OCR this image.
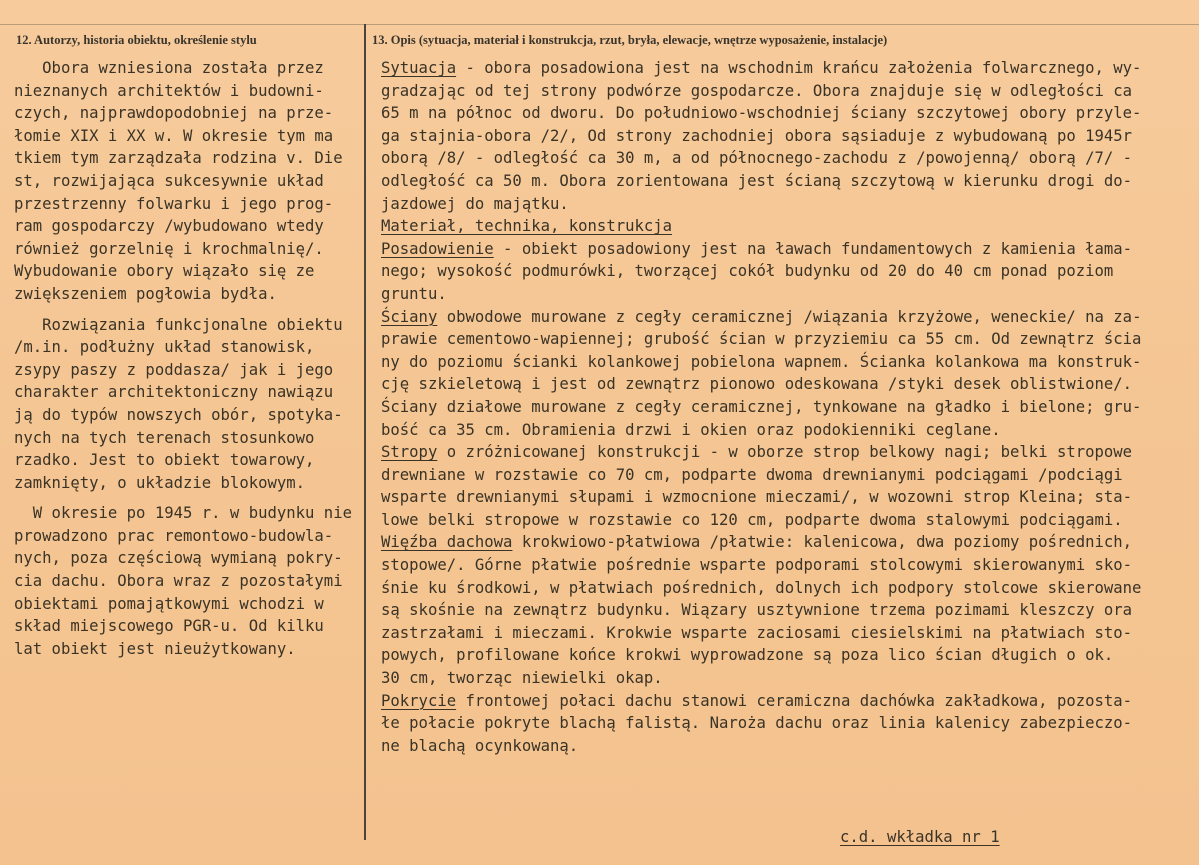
12. Autorzy, historia obiektu, określenie stylu	13. Opis (sytuacja, materiał i konstrukcja, rzut, bryła, elewacje, wnętrze wyposażenie, instalacje)
Obora wzniesiona została przez
nieznanych architektów i budowni-
czych, najprawdopodobniej na prze-
łomie XIX i XX w. W okresie tym ma
tkiem tym zarządzała rodzina v. Die
st, rozwijająca sukcesywnie układ
przestrzenny folwarku i jego prog-
ram gospodarczy /wybudowano wtedy
również gorzelnię i krochmalnię/.
Wybudowanie obory wiązało się ze
zwiększeniem pogłowia bydła.
Rozwiązania funkcjonalne obiektu
/m.in. podłużny układ stanowisk,
zsypy paszy z poddasza/ jak i jego
charakter architektoniczny nawiązu
ją do typów nowszych obór, spotyka-
nych na tych terenach stosunkowo
rzadko. Jest to obiekt towarowy,
zamknięty, o układzie blokowym.
W okresie po 1945 r. w budynku nie
prowadzono prac remontowo-budowla-
nych, poza częściową wymianą pokry-
cia dachu. Obora wraz z pozostałymi
obiektami pomajątkowymi wchodzi w
skład miejscowego PGR-u. Od kilku
lat obiekt jest nieużytkowany.
Sytuacja - obora posadowiona jest na wschodnim krańcu założenia folwarcznego, wy-
gradzając od tej strony podwórze gospodarcze. Obora znajduje się w odległości ca
65 m na północ od dworu. Do południowo-wschodniej ściany szczytowej obory przyle-
ga stajnia-obora /2/, Od strony zachodniej obora sąsiaduje z wybudowaną po 1945r
oborą /8/ - odległość ca 30 m, a od północnego-zachodu z /powojenną/ oborą /7/ -
odległość ca 50 m. Obora zorientowana jest ścianą szczytową w kierunku drogi do-
jazdowej do majątku.
Materiał, technika, konstrukcja
Posadowienie - obiekt posadowiony jest na ławach fundamentowych z kamienia łama-
nego; wysokość podmurówki, tworzącej cokół budynku od 20 do 40 cm ponad poziom
gruntu.
Ściany obwodowe murowane z cegły ceramicznej /wiązania krzyżowe, weneckie/ na za-
prawie cementowo-wapiennej; grubość ścian w przyziemiu ca 55 cm. Od zewnątrz ścia
ny do poziomu ścianki kolankowej pobielona wapnem. Ścianka kolankowa ma konstruk-
cję szkieletową i jest od zewnątrz pionowo odeskowana /styki desek oblistwione/.
Ściany działowe murowane z cegły ceramicznej, tynkowane na gładko i bielone; gru-
bość ca 35 cm. Obramienia drzwi i okien oraz podokienniki ceglane.
Stropy o zróżnicowanej konstrukcji - w oborze strop belkowy nagi; belki stropowe
drewniane w rozstawie co 70 cm, podparte dwoma drewnianymi podciągami /podciągi
wsparte drewnianymi słupami i wzmocnione mieczami/, w wozowni strop Kleina; sta-
lowe belki stropowe w rozstawie co 120 cm, podparte dwoma stalowymi podciągami.
Więźba dachowa krokwiowo-płatwiowa /płatwie: kalenicowa, dwa poziomy pośrednich,
stopowe/. Górne płatwie pośrednie wsparte podporami stolcowymi skierowanymi sko-
śnie ku środkowi, w płatwiach pośrednich, dolnych ich podpory stolcowe skierowane
są skośnie na zewnątrz budynku. Wiązary usztywnione trzema pozimami kleszczy ora
zastrzałami i mieczami. Krokwie wsparte zaciosami ciesielskimi na płatwiach sto-
powych, profilowane końce krokwi wyprowadzone są poza lico ścian długich o ok.
30 cm, tworząc niewielki okap.
Pokrycie frontowej połaci dachu stanowi ceramiczna dachówka zakładkowa, pozosta-
łe połacie pokryte blachą falistą. Naroża dachu oraz linia kalenicy zabezpieczo-
ne blachą ocynkowaną.
c.d. wkładka nr 1
